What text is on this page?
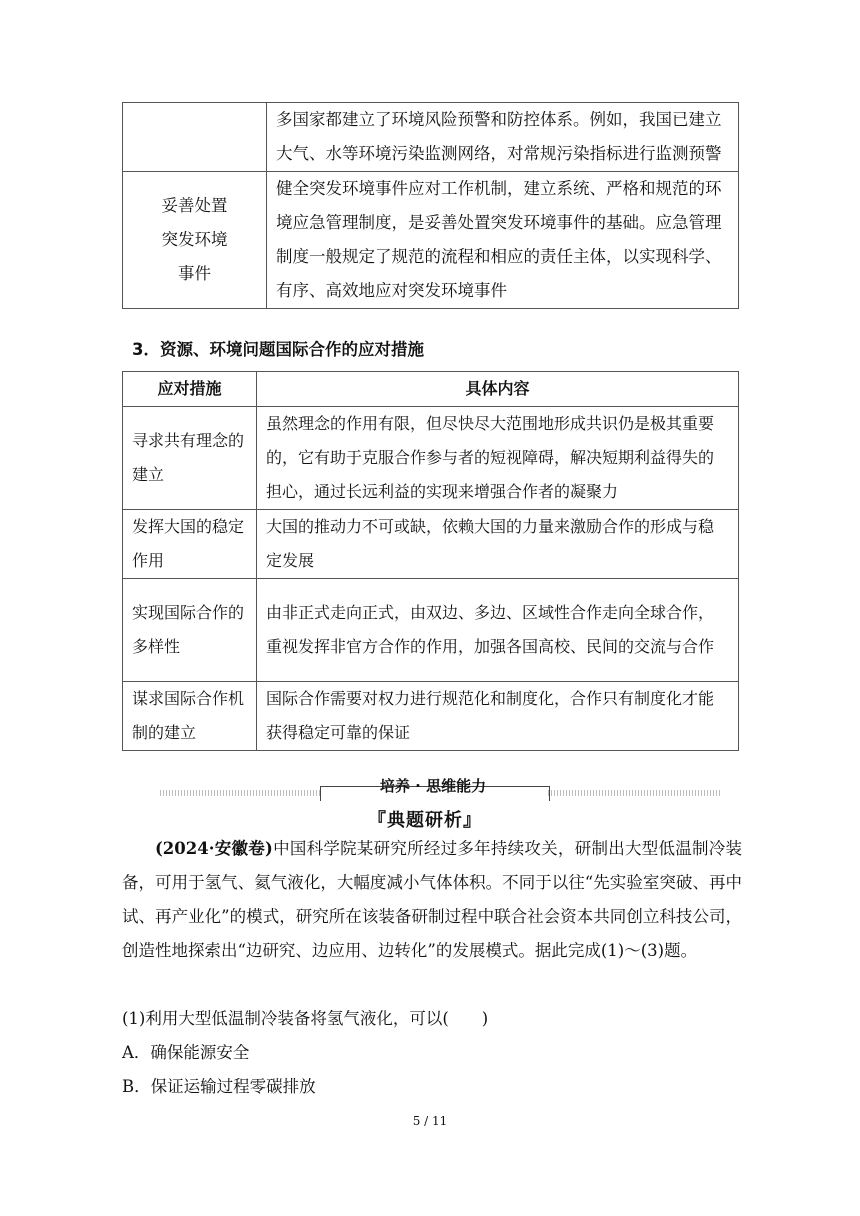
	多国家都建立了环境风险预警和防控体系。例如，我国已建立大气、水等环境污染监测网络，对常规污染指标进行监测预警

妥善处置突发环境事件	健全突发环境事件应对工作机制，建立系统、严格和规范的环境应急管理制度，是妥善处置突发环境事件的基础。应急管理制度一般规定了规范的流程和相应的责任主体，以实现科学、有序、高效地应对突发环境事件
3．资源、环境问题国际合作的应对措施
应对措施	具体内容
寻求共有理念的建立	虽然理念的作用有限，但尽快尽大范围地形成共识仍是极其重要的，它有助于克服合作参与者的短视障碍，解决短期利益得失的担心，通过长远利益的实现来增强合作者的凝聚力
发挥大国的稳定作用	大国的推动力不可或缺，依赖大国的力量来激励合作的形成与稳定发展
实现国际合作的多样性	由非正式走向正式，由双边、多边、区域性合作走向全球合作，重视发挥非官方合作的作用，加强各国高校、民间的交流与合作
谋求国际合作机制的建立	国际合作需要对权力进行规范化和制度化，合作只有制度化才能获得稳定可靠的保证
培养 · 思维能力
『典题研析』
(2024·安徽卷)中国科学院某研究所经过多年持续攻关，研制出大型低温制冷装备，可用于氢气、氦气液化，大幅度减小气体体积。不同于以往“先实验室突破、再中试、再产业化”的模式，研究所在该装备研制过程中联合社会资本共同创立科技公司，创造性地探索出“边研究、边应用、边转化”的发展模式。据此完成(1)～(3)题。
(1)利用大型低温制冷装备将氢气液化，可以(　　)
A．确保能源安全
B．保证运输过程零碳排放
5 / 11
